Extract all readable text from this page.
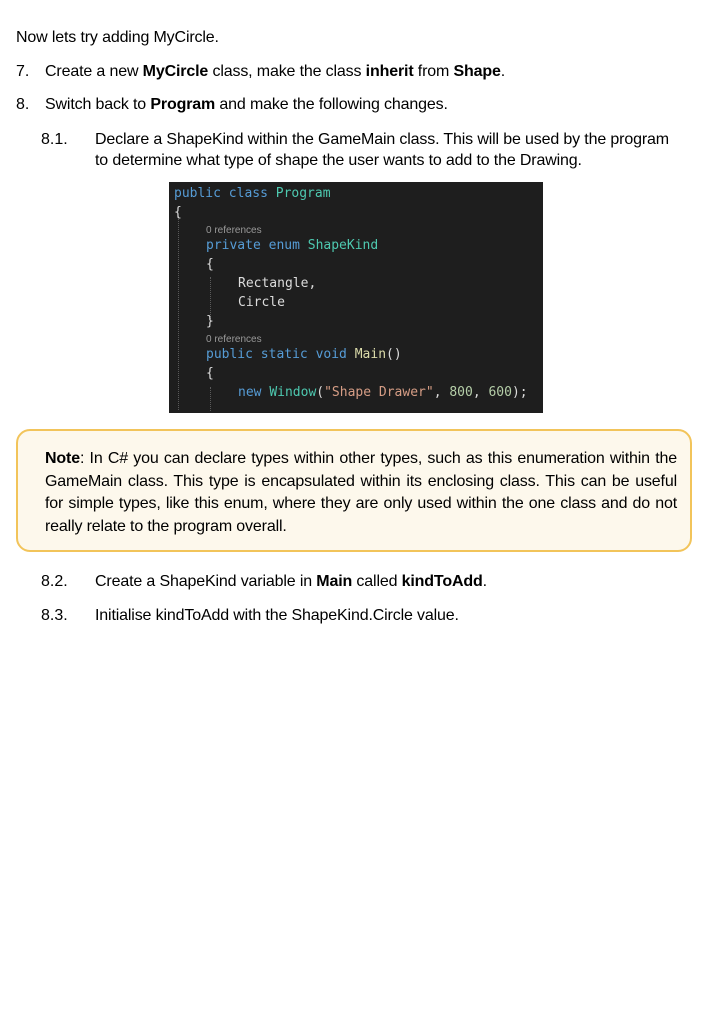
Now lets try adding MyCircle.
7. Create a new MyCircle class, make the class inherit from Shape.
8. Switch back to Program and make the following changes.
8.1. Declare a ShapeKind within the GameMain class. This will be used by the program
to determine what type of shape the user wants to add to the Drawing.
public class Program
{
0 references
private enum ShapeKind
{
Rectangle,
Circle
}
0 references
public static void Main()
{
new Window("Shape Drawer", 800, 600);

Note: In C# you can declare types within other types, such as this enumeration within the GameMain class. This type is encapsulated within its enclosing class. This can be useful for simple types, like this enum, where they are only used within the one class and do not really relate to the program overall.

8.2. Create a ShapeKind variable in Main called kindToAdd.
8.3. Initialise kindToAdd with the ShapeKind.Circle value.
